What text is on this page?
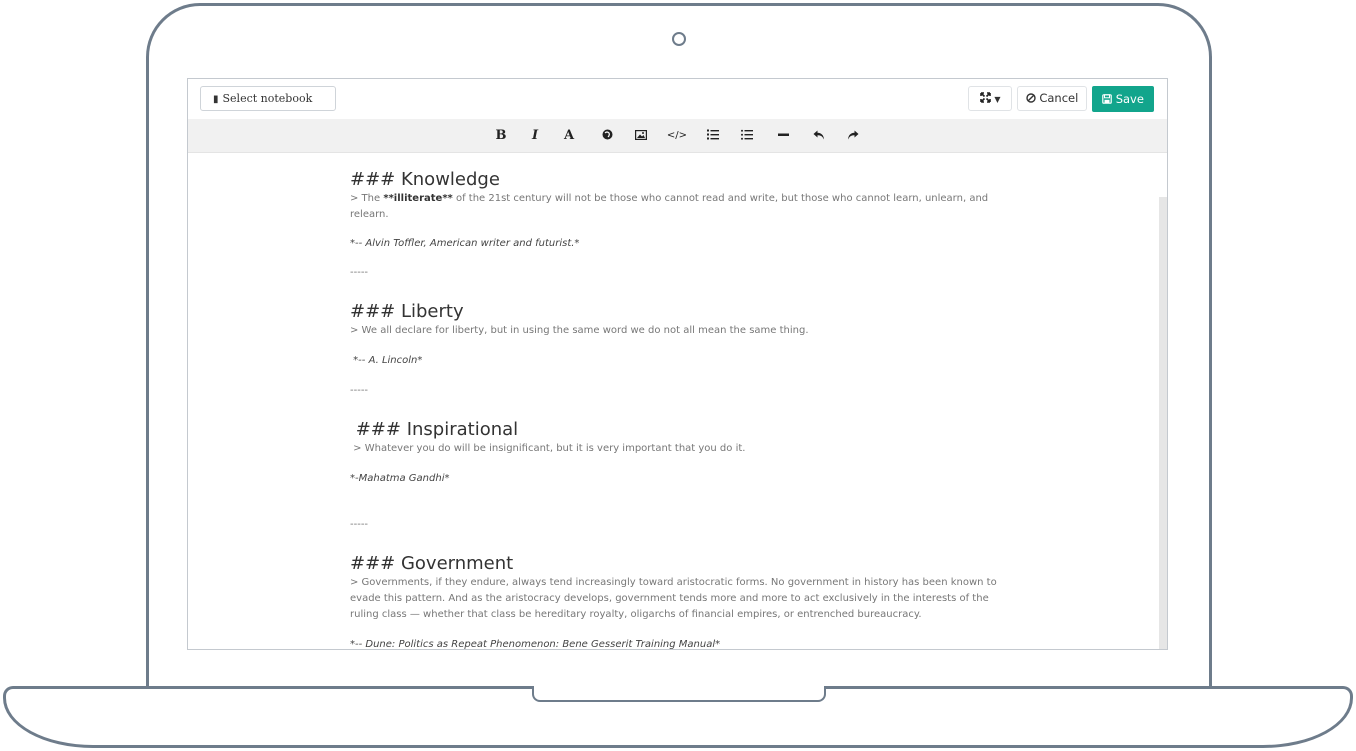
▮ Select notebook	▼	Cancel	Save
B	I	A	</>
### Knowledge

> The **illiterate** of the 21st century will not be those who cannot read and write, but those who cannot learn, unlearn, and relearn.

*-- Alvin Toffler, American writer and futurist.*
-----
### Liberty

> We all declare for liberty, but in using the same word we do not all mean the same thing.

*-- A. Lincoln*
-----
### Inspirational

> Whatever you do will be insignificant, but it is very important that you do it.

*-Mahatma Gandhi*
-----
### Government

> Governments, if they endure, always tend increasingly toward aristocratic forms. No government in history has been known to evade this pattern. And as the aristocracy develops, government tends more and more to act exclusively in the interests of the ruling class — whether that class be hereditary royalty, oligarchs of financial empires, or entrenched bureaucracy.

*-- Dune: Politics as Repeat Phenomenon: Bene Gesserit Training Manual*
